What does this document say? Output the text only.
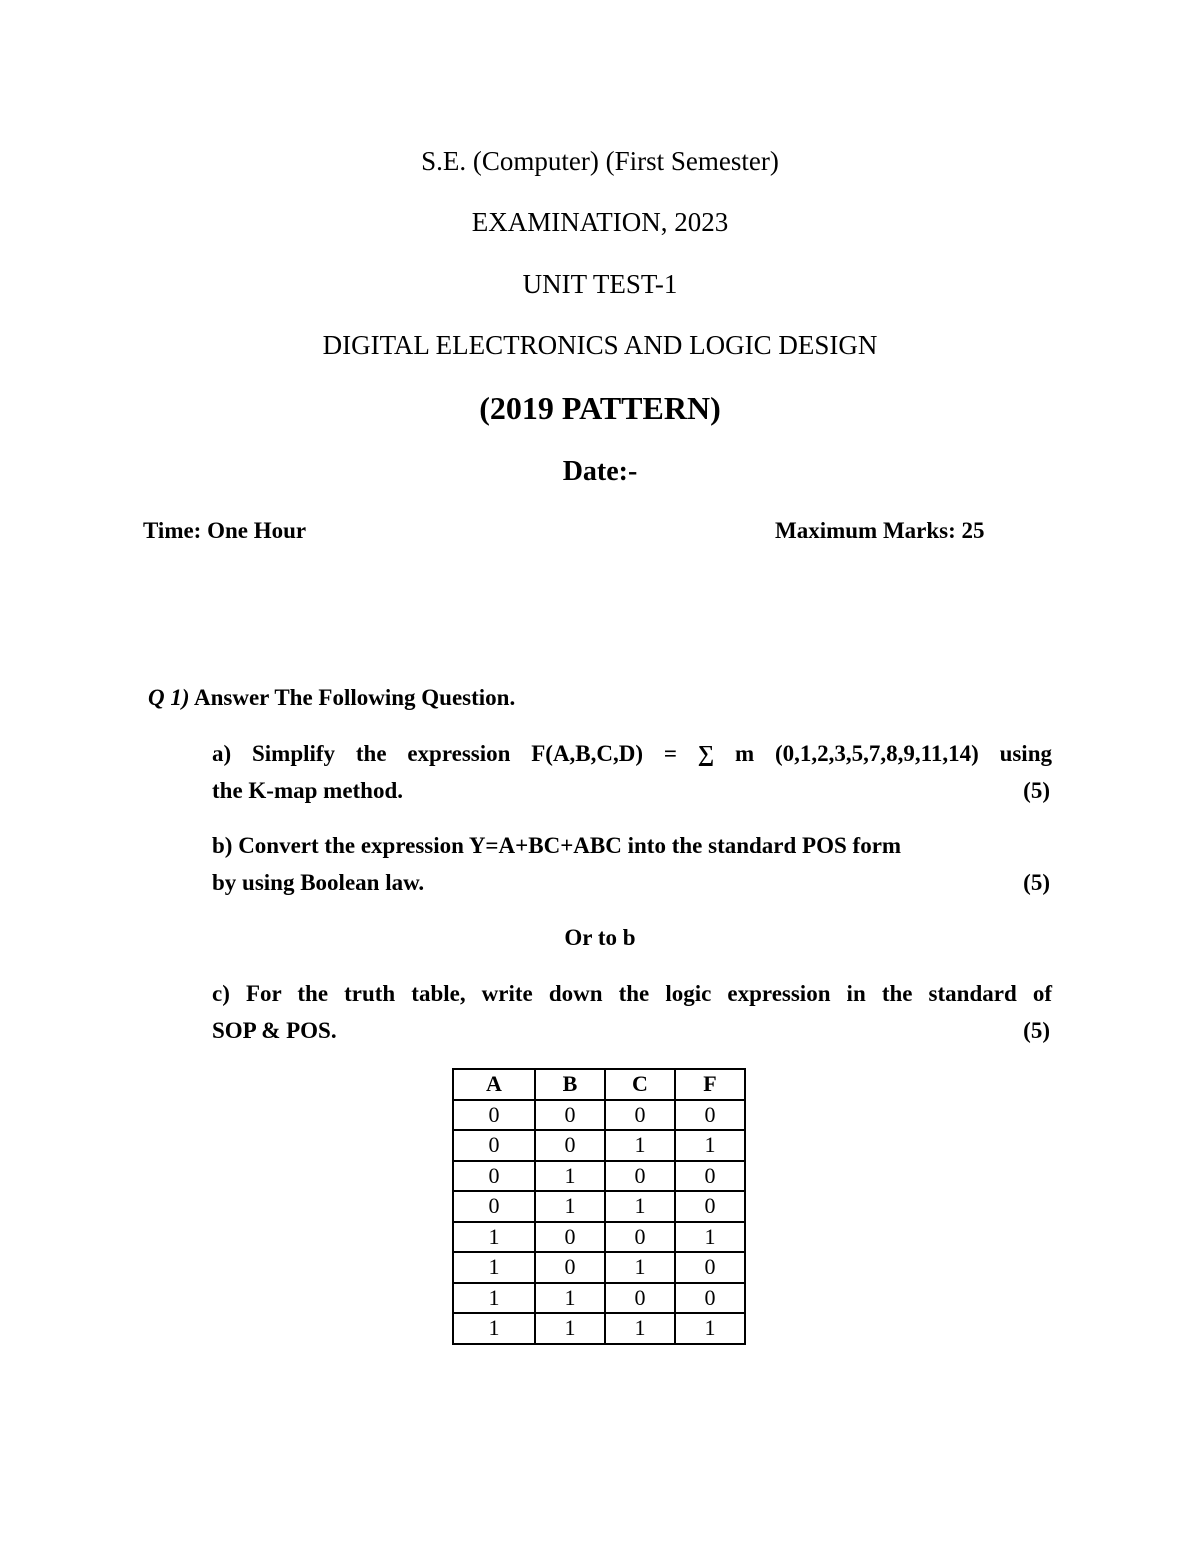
S.E. (Computer) (First Semester)
EXAMINATION, 2023
UNIT TEST-1
DIGITAL ELECTRONICS AND LOGIC DESIGN
(2019 PATTERN)
Date:-
Time: One Hour	Maximum Marks: 25
Q 1) Answer The Following Question.
a) Simplify the expression F(A,B,C,D) = ∑ m (0,1,2,3,5,7,8,9,11,14) using
the K-map method.	(5)
b) Convert the expression Y=A+BC+ABC into the standard POS form
by using Boolean law.	(5)
Or to b
c) For the truth table, write down the logic expression in the standard of
SOP & POS.	(5)
A	B	C	F
0	0	0	0
0	0	1	1
0	1	0	0
0	1	1	0
1	0	0	1
1	0	1	0
1	1	0	0
1	1	1	1
